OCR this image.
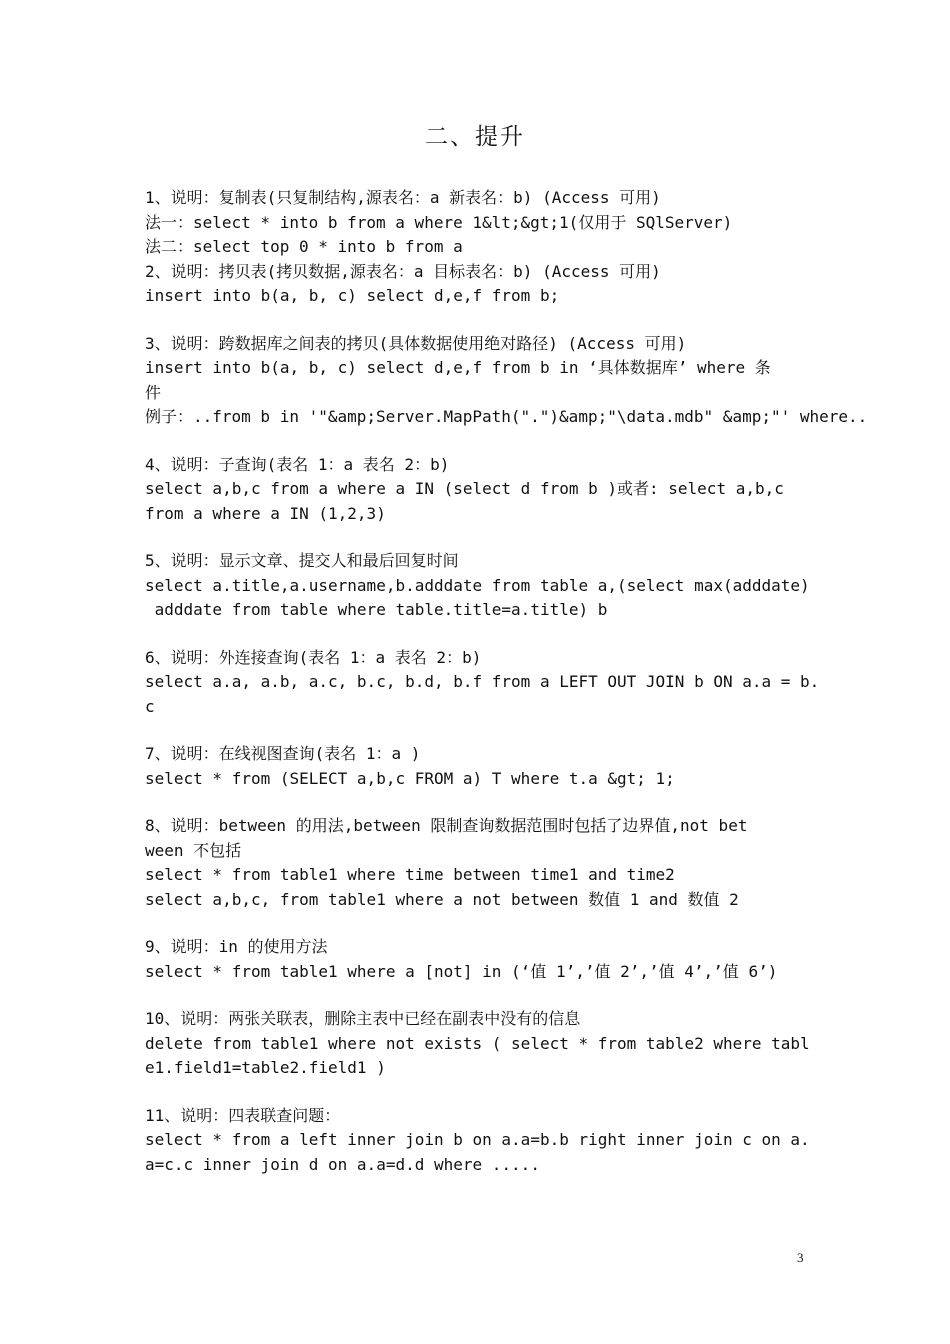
二、提升
1、说明：复制表(只复制结构,源表名：a 新表名：b) (Access 可用)
法一：select * into b from a where 1&lt;&gt;1(仅用于 SQlServer)
法二：select top 0 * into b from a
2、说明：拷贝表(拷贝数据,源表名：a 目标表名：b) (Access 可用)
insert into b(a, b, c) select d,e,f from b;
3、说明：跨数据库之间表的拷贝(具体数据使用绝对路径) (Access 可用)
insert into b(a, b, c) select d,e,f from b in ‘具体数据库’ where 条
件
例子：..from b in '"&amp;Server.MapPath(".")&amp;"\data.mdb" &amp;"' where..
4、说明：子查询(表名 1：a 表名 2：b)
select a,b,c from a where a IN (select d from b )或者: select a,b,c
from a where a IN (1,2,3)
5、说明：显示文章、提交人和最后回复时间
select a.title,a.username,b.adddate from table a,(select max(adddate)
adddate from table where table.title=a.title) b
6、说明：外连接查询(表名 1：a 表名 2：b)
select a.a, a.b, a.c, b.c, b.d, b.f from a LEFT OUT JOIN b ON a.a = b.
c
7、说明：在线视图查询(表名 1：a )
select * from (SELECT a,b,c FROM a) T where t.a &gt; 1;
8、说明：between 的用法,between 限制查询数据范围时包括了边界值,not bet
ween 不包括
select * from table1 where time between time1 and time2
select a,b,c, from table1 where a not between 数值 1 and 数值 2
9、说明：in 的使用方法
select * from table1 where a [not] in (‘值 1’,’值 2’,’值 4’,’值 6’)
10、说明：两张关联表，删除主表中已经在副表中没有的信息
delete from table1 where not exists ( select * from table2 where tabl
e1.field1=table2.field1 )
11、说明：四表联查问题：
select * from a left inner join b on a.a=b.b right inner join c on a.
a=c.c inner join d on a.a=d.d where .....
3
